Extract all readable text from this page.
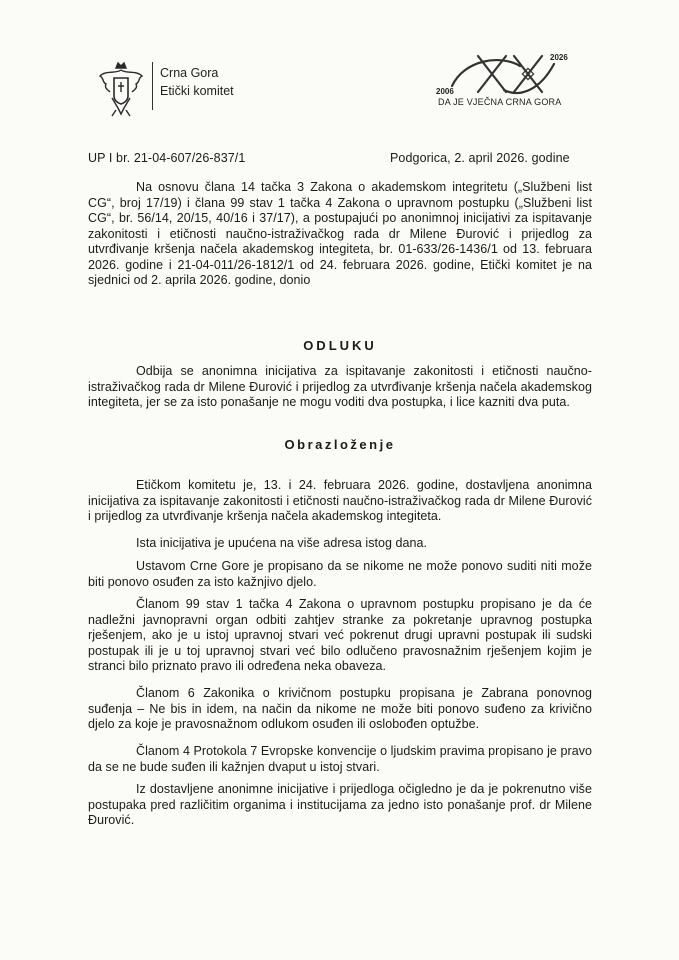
Crna Gora
Etički komitet	2006
2026
DA JE VJEČNA CRNA GORA
UP I br. 21-04-607/26-837/1	Podgorica, 2. april 2026. godine

Na osnovu člana 14 tačka 3 Zakona o akademskom integritetu („Službeni list CG“, broj 17/19) i člana 99 stav 1 tačka 4 Zakona o upravnom postupku („Službeni list CG“, br. 56/14, 20/15, 40/16 i 37/17), a postupajući po anonimnoj inicijativi za ispitavanje zakonitosti i etičnosti naučno-istraživačkog rada dr Milene Đurović i prijedlog za utvrđivanje kršenja načela akademskog integiteta, br. 01-633/26-1436/1 od 13. februara 2026. godine i 21-04-011/26-1812/1 od 24. februara 2026. godine, Etički komitet je na sjednici od 2. aprila 2026. godine, donio

ODLUKU

Odbija se anonimna inicijativa za ispitavanje zakonitosti i etičnosti naučno-istraživačkog rada dr Milene Đurović i prijedlog za utvrđivanje kršenja načela akademskog integiteta, jer se za isto ponašanje ne mogu voditi dva postupka, i lice kazniti dva puta.

Obrazloženje

Etičkom komitetu je, 13. i 24. februara 2026. godine, dostavljena anonimna inicijativa za ispitavanje zakonitosti i etičnosti naučno-istraživačkog rada dr Milene Đurović i prijedlog za utvrđivanje kršenja načela akademskog integiteta.

Ista inicijativa je upućena na više adresa istog dana.

Ustavom Crne Gore je propisano da se nikome ne može ponovo suditi niti može biti ponovo osuđen za isto kažnjivo djelo.

Članom 99 stav 1 tačka 4 Zakona o upravnom postupku propisano je da će nadležni javnopravni organ odbiti zahtjev stranke za pokretanje upravnog postupka rješenjem, ako je u istoj upravnoj stvari već pokrenut drugi upravni postupak ili sudski postupak ili je u toj upravnoj stvari već bilo odlučeno pravosnažnim rješenjem kojim je stranci bilo priznato pravo ili određena neka obaveza.

Članom 6 Zakonika o krivičnom postupku propisana je Zabrana ponovnog suđenja – Ne bis in idem, na način da nikome ne može biti ponovo suđeno za krivično djelo za koje je pravosnažnom odlukom osuđen ili oslobođen optužbe.

Članom 4 Protokola 7 Evropske konvencije o ljudskim pravima propisano je pravo da se ne bude suđen ili kažnjen dvaput u istoj stvari.

Iz dostavljene anonimne inicijative i prijedloga očigledno je da je pokrenutno više postupaka pred različitim organima i institucijama za jedno isto ponašanje prof. dr Milene Đurović.
